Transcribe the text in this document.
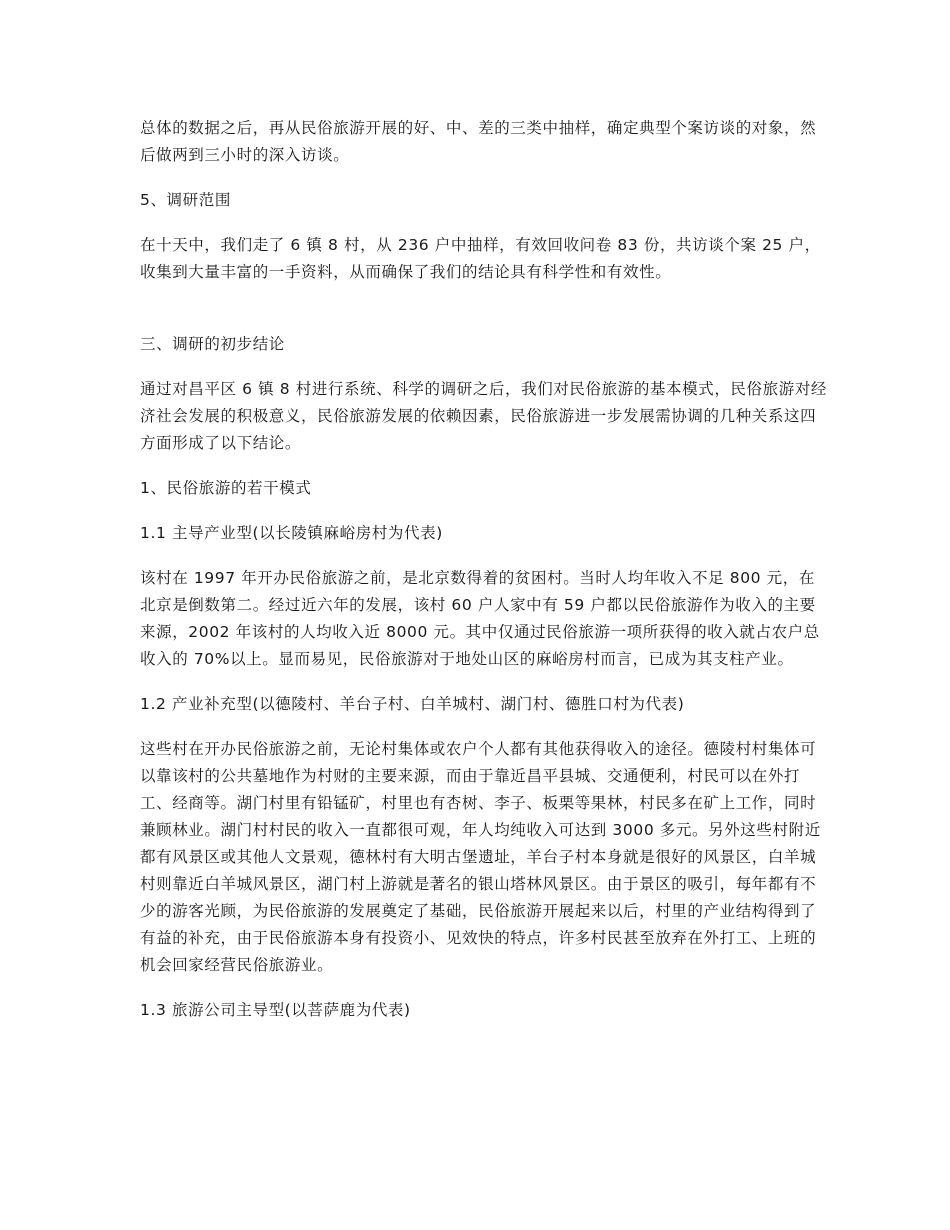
总体的数据之后，再从民俗旅游开展的好、中、差的三类中抽样，确定典型个案访谈的对象，然后做两到三小时的深入访谈。

5、调研范围

在十天中，我们走了 6 镇 8 村，从 236 户中抽样，有效回收问卷 83 份，共访谈个案 25 户，收集到大量丰富的一手资料，从而确保了我们的结论具有科学性和有效性。

三、调研的初步结论

通过对昌平区 6 镇 8 村进行系统、科学的调研之后，我们对民俗旅游的基本模式，民俗旅游对经济社会发展的积极意义，民俗旅游发展的依赖因素，民俗旅游进一步发展需协调的几种关系这四方面形成了以下结论。

1、民俗旅游的若干模式

1.1 主导产业型(以长陵镇麻峪房村为代表)

该村在 1997 年开办民俗旅游之前，是北京数得着的贫困村。当时人均年收入不足 800 元，在北京是倒数第二。经过近六年的发展，该村 60 户人家中有 59 户都以民俗旅游作为收入的主要来源，2002 年该村的人均收入近 8000 元。其中仅通过民俗旅游一项所获得的收入就占农户总收入的 70%以上。显而易见，民俗旅游对于地处山区的麻峪房村而言，已成为其支柱产业。

1.2 产业补充型(以德陵村、羊台子村、白羊城村、湖门村、德胜口村为代表)

这些村在开办民俗旅游之前，无论村集体或农户个人都有其他获得收入的途径。德陵村村集体可以靠该村的公共墓地作为村财的主要来源，而由于靠近昌平县城、交通便利，村民可以在外打工、经商等。湖门村里有铅锰矿，村里也有杏树、李子、板栗等果林，村民多在矿上工作，同时兼顾林业。湖门村村民的收入一直都很可观，年人均纯收入可达到 3000 多元。另外这些村附近都有风景区或其他人文景观，德林村有大明古堡遗址，羊台子村本身就是很好的风景区，白羊城村则靠近白羊城风景区，湖门村上游就是著名的银山塔林风景区。由于景区的吸引，每年都有不少的游客光顾，为民俗旅游的发展奠定了基础，民俗旅游开展起来以后，村里的产业结构得到了有益的补充，由于民俗旅游本身有投资小、见效快的特点，许多村民甚至放弃在外打工、上班的机会回家经营民俗旅游业。

1.3 旅游公司主导型(以菩萨鹿为代表)
